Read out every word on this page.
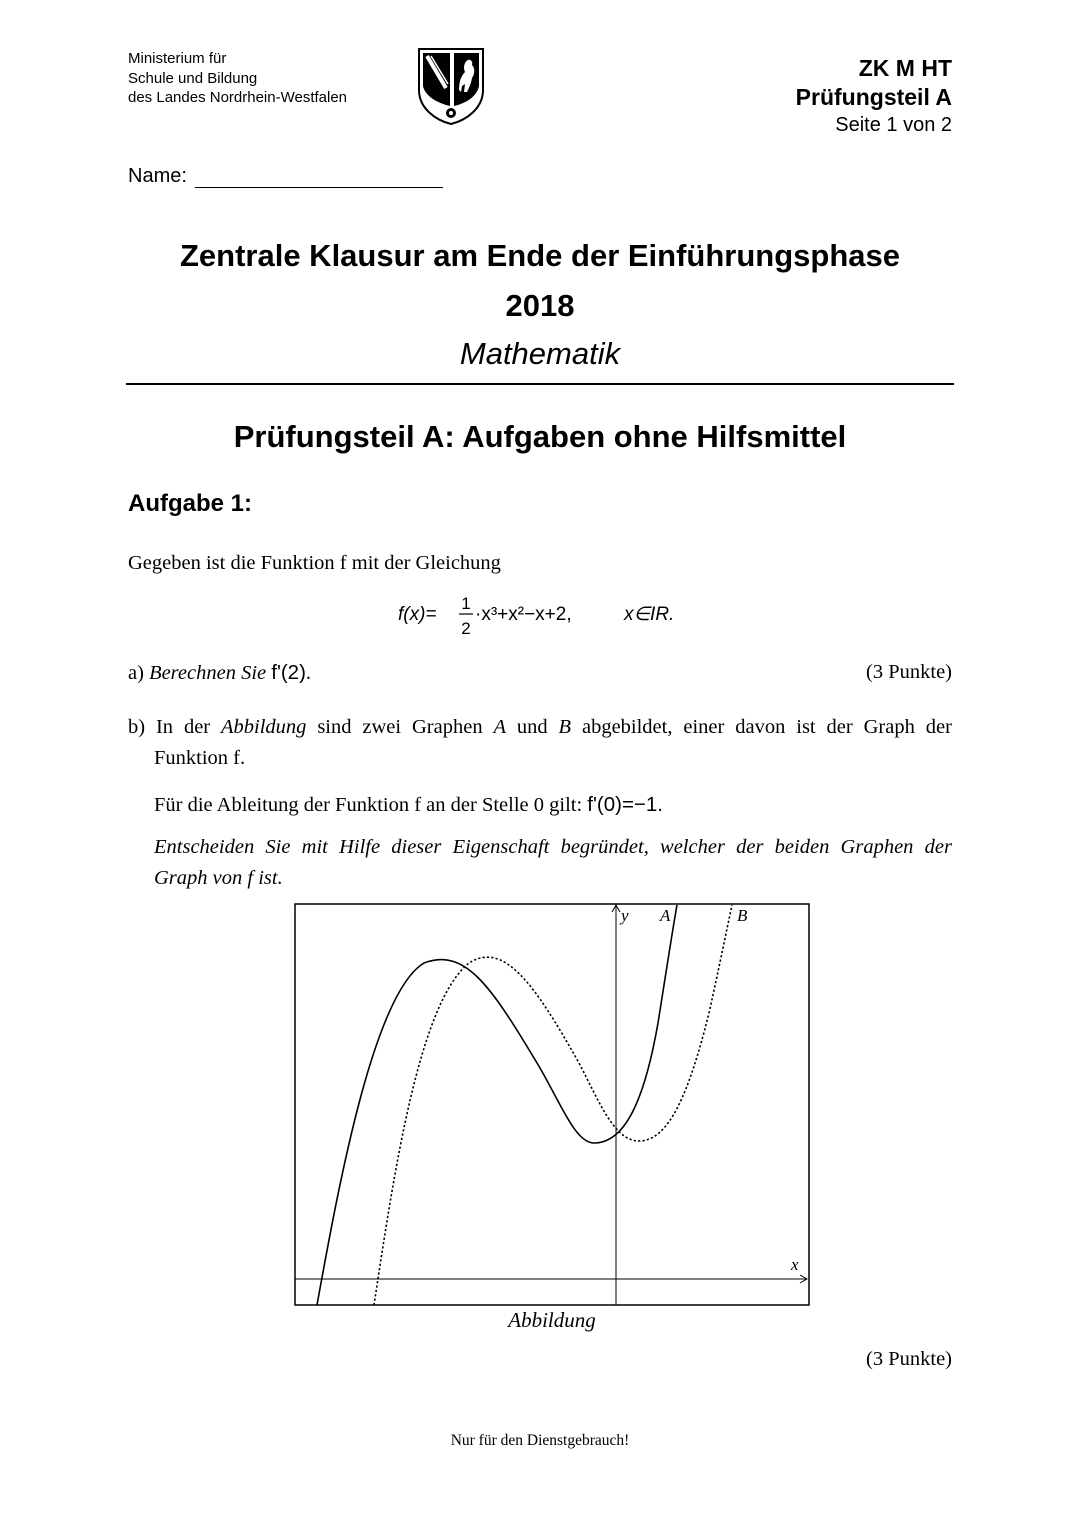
Ministerium für
Schule und Bildung
des Landes Nordrhein-Westfalen
ZK M HT
Prüfungsteil A
Seite 1 von 2
Name:
Zentrale Klausur am Ende der Einführungsphase
2018
Mathematik
Prüfungsteil A: Aufgaben ohne Hilfsmittel
Aufgabe 1:
Gegeben ist die Funktion f mit der Gleichung
f(x)=
1
2
·x³+x²−x+2,	x∈IR.
a) Berechnen Sie f'(2).	(3 Punkte)
b) In der Abbildung sind zwei Graphen A und B abgebildet, einer davon ist der Graph der
Funktion f.
Für die Ableitung der Funktion f an der Stelle 0 gilt: f'(0)=−1.
Entscheiden Sie mit Hilfe dieser Eigenschaft begründet, welcher der beiden Graphen der
Graph von f ist.
y
x
A	B
Abbildung
(3 Punkte)
Nur für den Dienstgebrauch!
